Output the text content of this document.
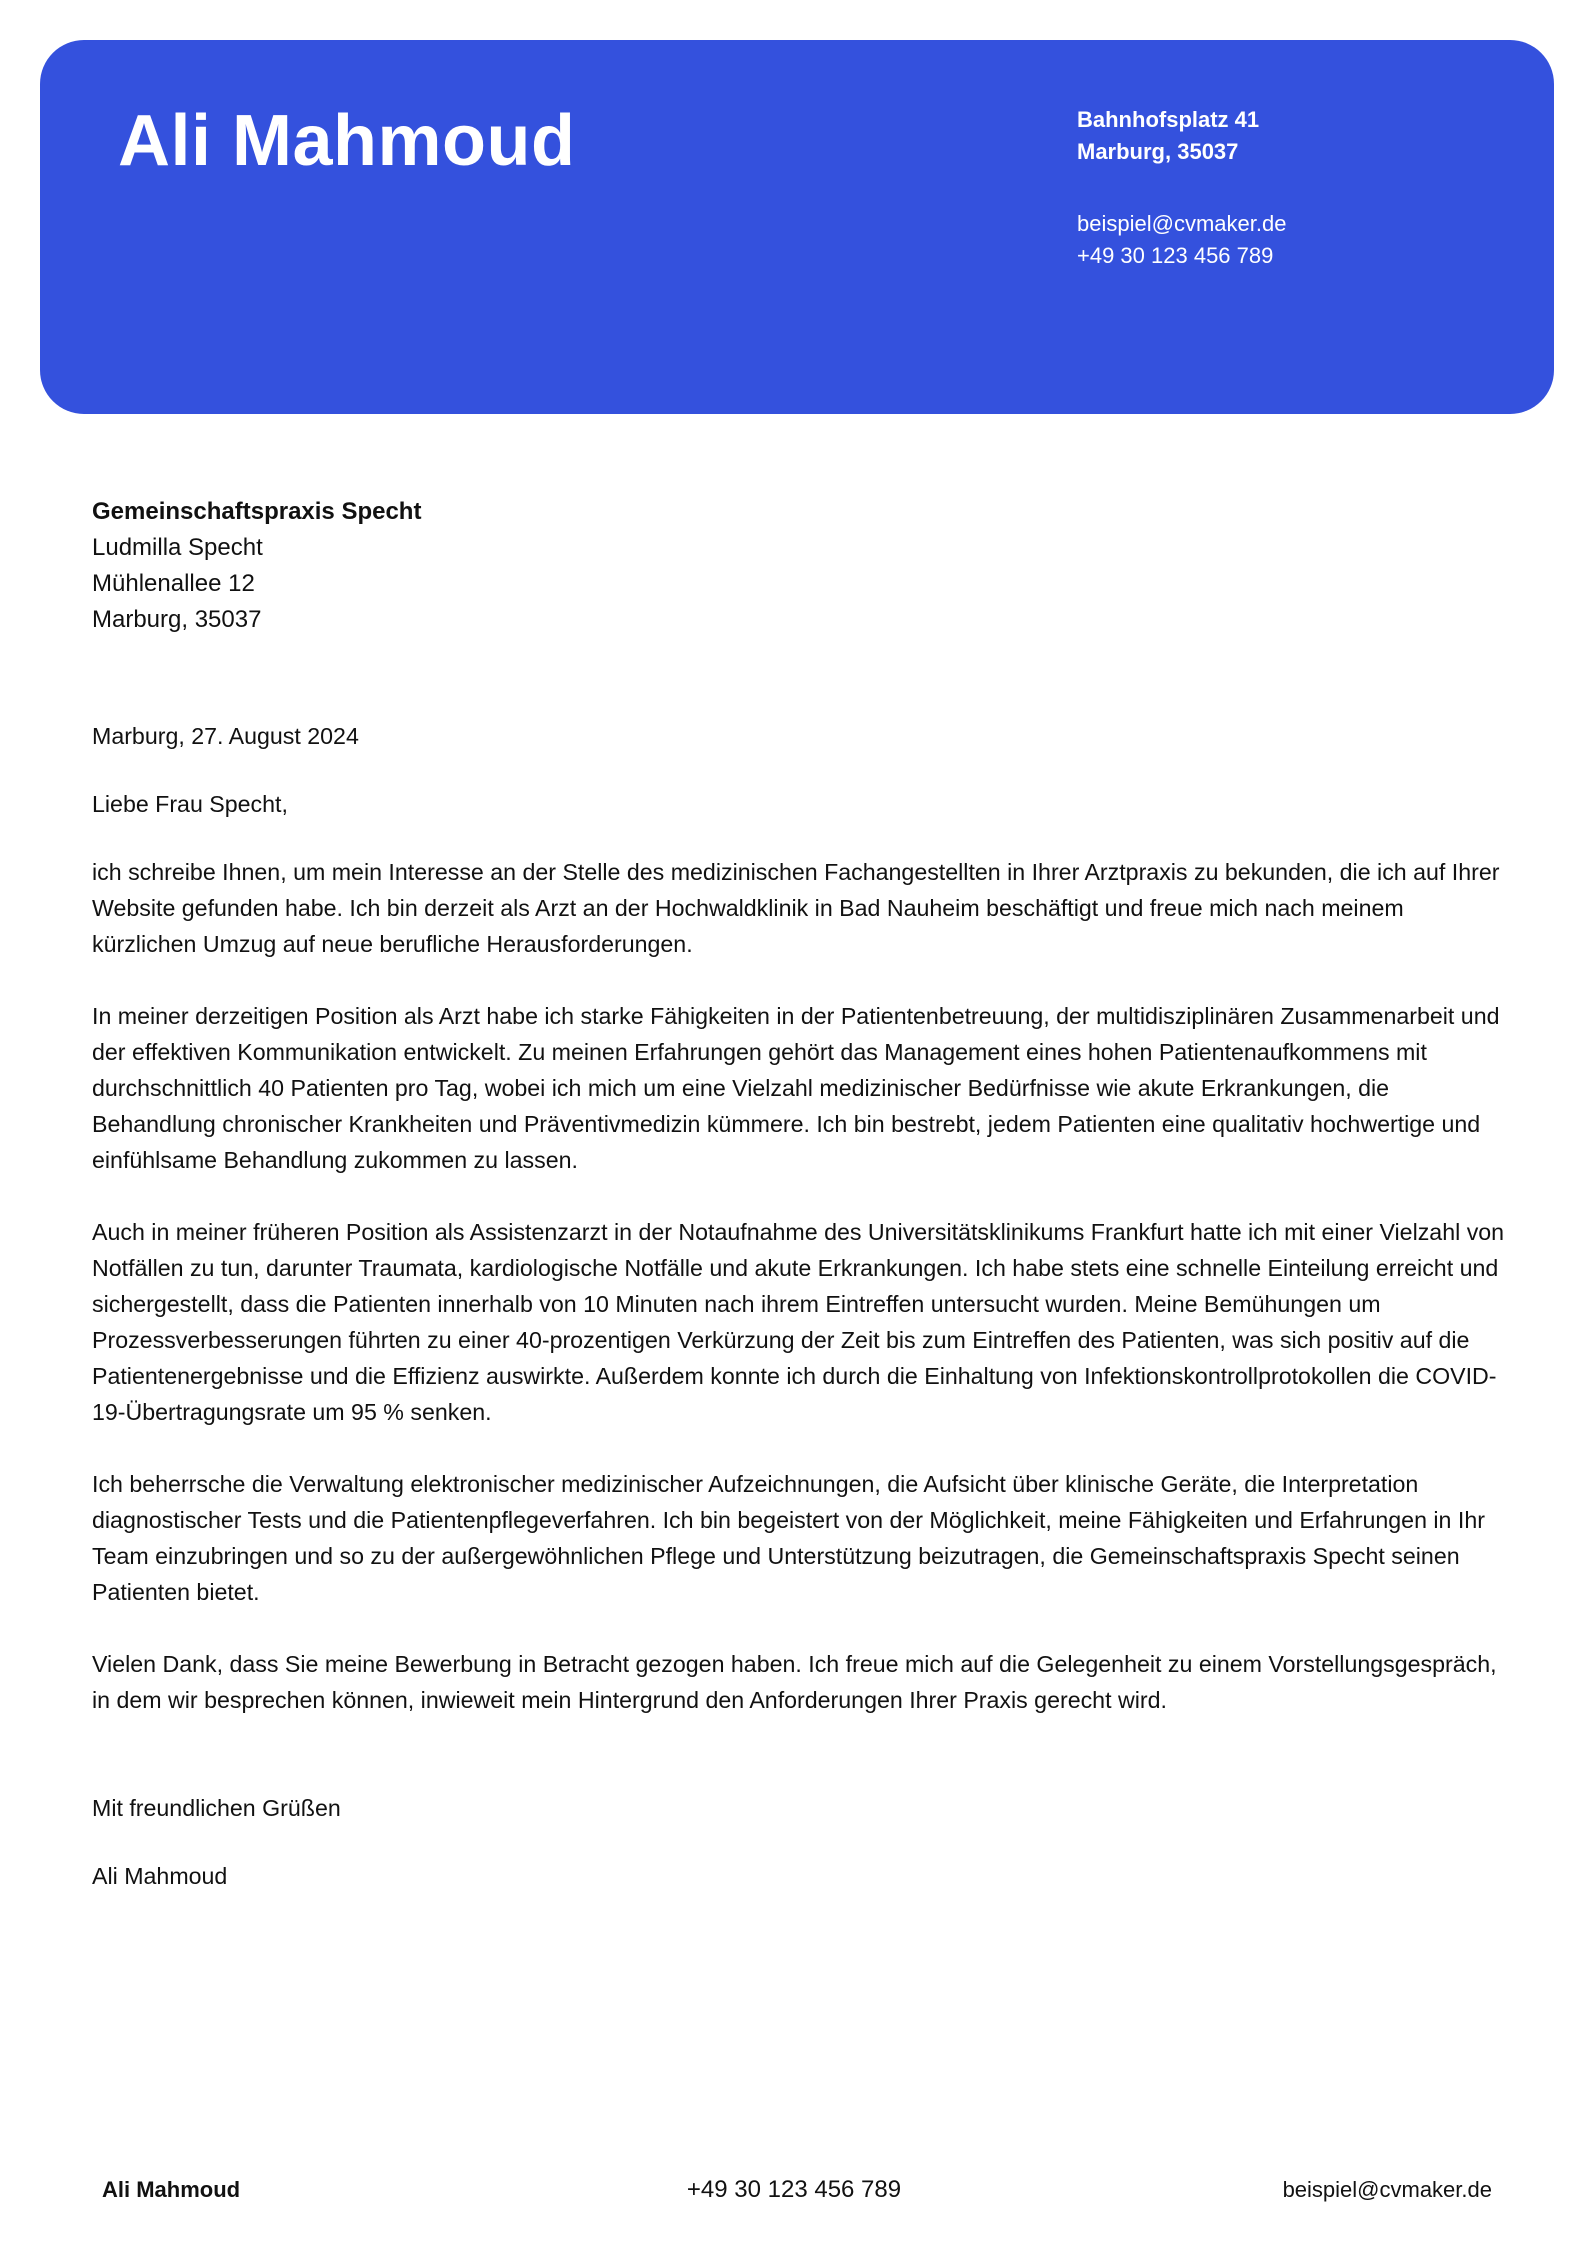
Ali Mahmoud	Bahnhofsplatz 41
Marburg, 35037
beispiel@cvmaker.de
+49 30 123 456 789
Gemeinschaftspraxis Specht
Ludmilla Specht
Mühlenallee 12
Marburg, 35037

Marburg, 27. August 2024

Liebe Frau Specht,

ich schreibe Ihnen, um mein Interesse an der Stelle des medizinischen Fachangestellten in Ihrer Arztpraxis zu bekunden, die ich auf Ihrer Website gefunden habe. Ich bin derzeit als Arzt an der Hochwaldklinik in Bad Nauheim beschäftigt und freue mich nach meinem kürzlichen Umzug auf neue berufliche Herausforderungen.

In meiner derzeitigen Position als Arzt habe ich starke Fähigkeiten in der Patientenbetreuung, der multidisziplinären Zusammenarbeit und der effektiven Kommunikation entwickelt. Zu meinen Erfahrungen gehört das Management eines hohen Patientenaufkommens mit durchschnittlich 40 Patienten pro Tag, wobei ich mich um eine Vielzahl medizinischer Bedürfnisse wie akute Erkrankungen, die Behandlung chronischer Krankheiten und Präventivmedizin kümmere. Ich bin bestrebt, jedem Patienten eine qualitativ hochwertige und einfühlsame Behandlung zukommen zu lassen.

Auch in meiner früheren Position als Assistenzarzt in der Notaufnahme des Universitätsklinikums Frankfurt hatte ich mit einer Vielzahl von Notfällen zu tun, darunter Traumata, kardiologische Notfälle und akute Erkrankungen. Ich habe stets eine schnelle Einteilung erreicht und sichergestellt, dass die Patienten innerhalb von 10 Minuten nach ihrem Eintreffen untersucht wurden. Meine Bemühungen um Prozessverbesserungen führten zu einer 40-prozentigen Verkürzung der Zeit bis zum Eintreffen des Patienten, was sich positiv auf die Patientenergebnisse und die Effizienz auswirkte. Außerdem konnte ich durch die Einhaltung von Infektionskontrollprotokollen die COVID-19-Übertragungsrate um 95 % senken.

Ich beherrsche die Verwaltung elektronischer medizinischer Aufzeichnungen, die Aufsicht über klinische Geräte, die Interpretation diagnostischer Tests und die Patientenpflegeverfahren. Ich bin begeistert von der Möglichkeit, meine Fähigkeiten und Erfahrungen in Ihr Team einzubringen und so zu der außergewöhnlichen Pflege und Unterstützung beizutragen, die Gemeinschaftspraxis Specht seinen Patienten bietet.

Vielen Dank, dass Sie meine Bewerbung in Betracht gezogen haben. Ich freue mich auf die Gelegenheit zu einem Vorstellungsgespräch, in dem wir besprechen können, inwieweit mein Hintergrund den Anforderungen Ihrer Praxis gerecht wird.

Mit freundlichen Grüßen

Ali Mahmoud

Ali Mahmoud	+49 30 123 456 789	beispiel@cvmaker.de
